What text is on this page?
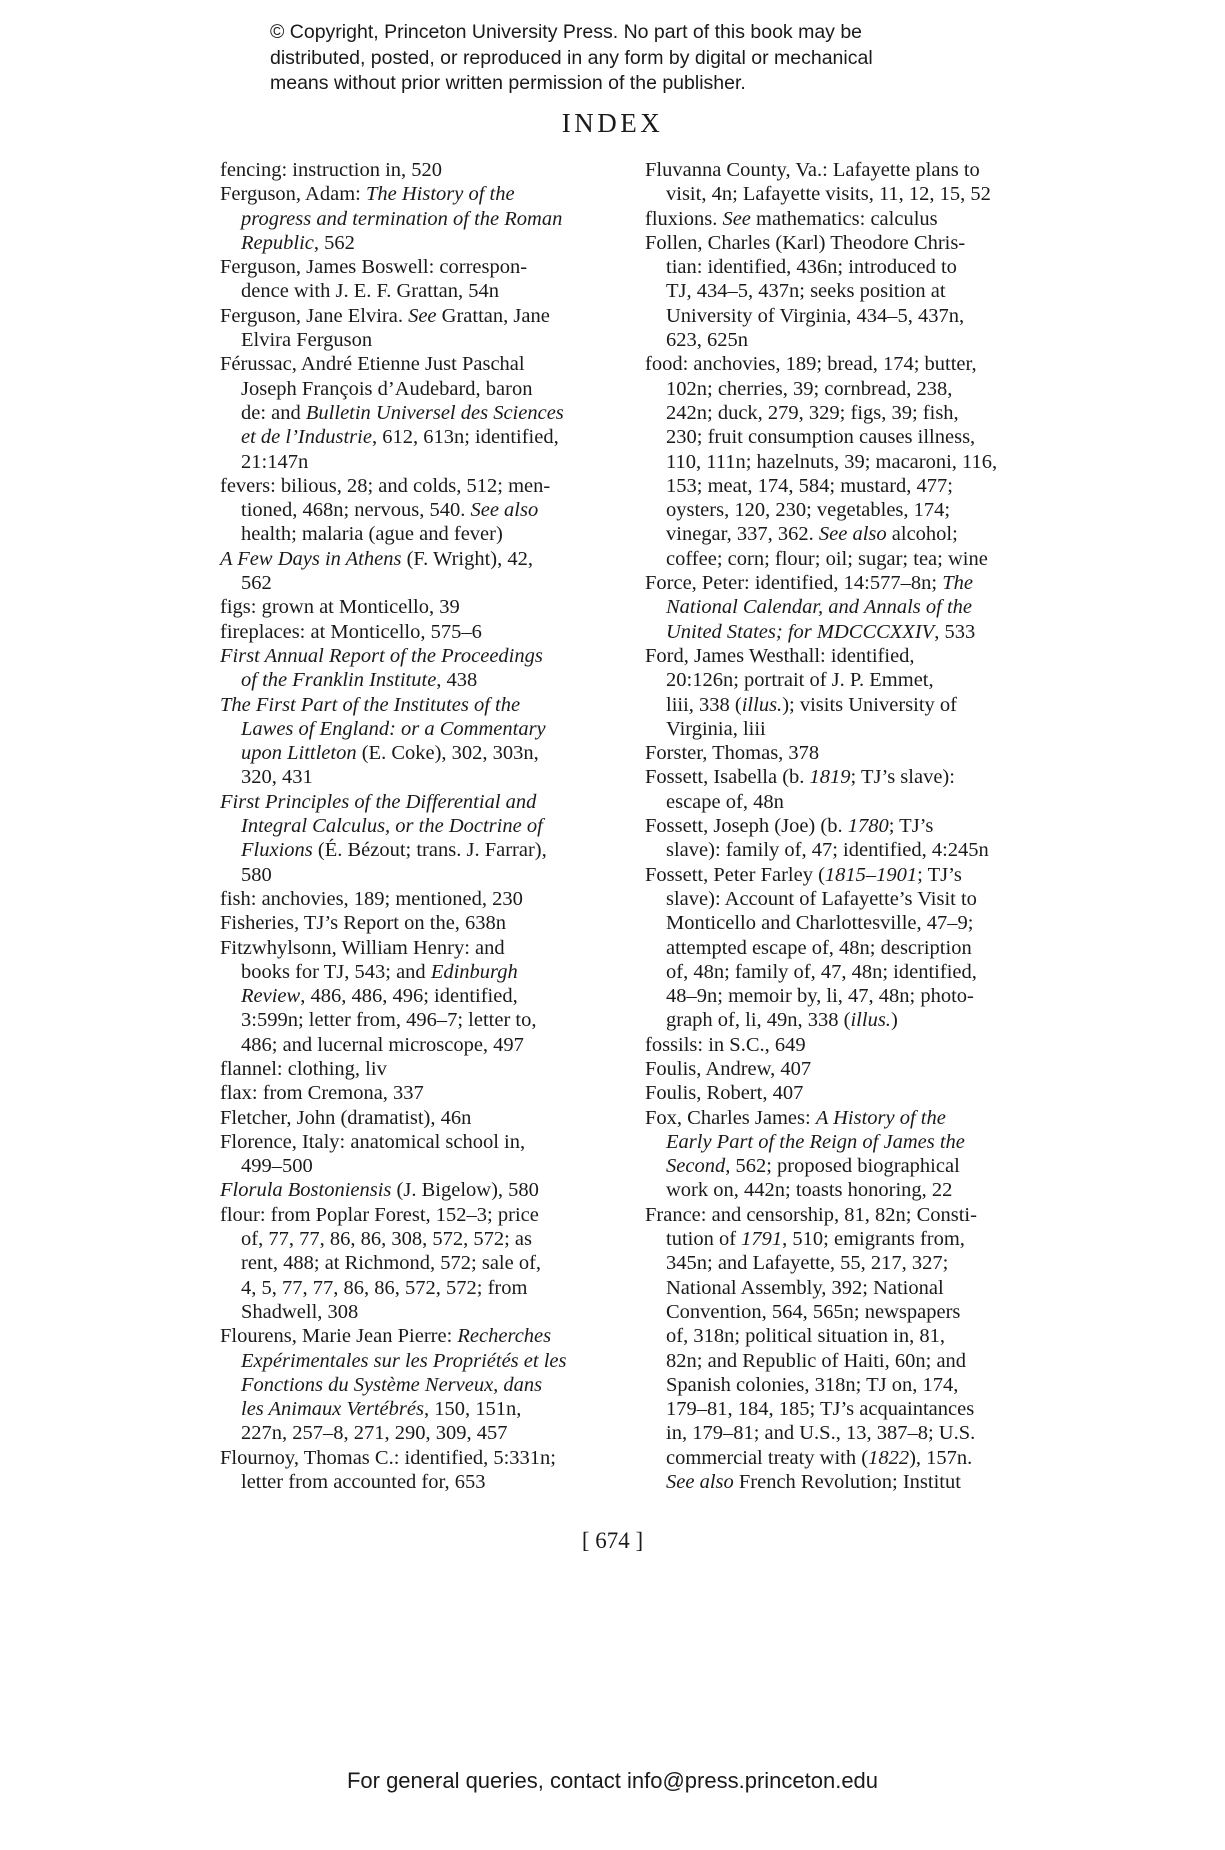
© Copyright, Princeton University Press. No part of this book may be
distributed, posted, or reproduced in any form by digital or mechanical
means without prior written permission of the publisher.
INDEX

fencing: instruction in, 520

Ferguson, Adam: The History of the
progress and termination of the Roman
Republic, 562

Ferguson, James Boswell: correspon-
dence with J. E. F. Grattan, 54n

Ferguson, Jane Elvira. See Grattan, Jane
Elvira Ferguson

Férussac, André Etienne Just Paschal
Joseph François d’Audebard, baron
de: and Bulletin Universel des Sciences
et de l’Industrie, 612, 613n; identified,
21:147n

fevers: bilious, 28; and colds, 512; men-
tioned, 468n; nervous, 540. See also
health; malaria (ague and fever)

A Few Days in Athens (F. Wright), 42,
562

figs: grown at Monticello, 39

fireplaces: at Monticello, 575–6

First Annual Report of the Proceedings
of the Franklin Institute, 438

The First Part of the Institutes of the
Lawes of England: or a Commentary
upon Littleton (E. Coke), 302, 303n,
320, 431

First Principles of the Differential and
Integral Calculus, or the Doctrine of
Fluxions (É. Bézout; trans. J. Farrar),
580

fish: anchovies, 189; mentioned, 230

Fisheries, TJ’s Report on the, 638n

Fitzwhylsonn, William Henry: and
books for TJ, 543; and Edinburgh
Review, 486, 486, 496; identified,
3:599n; letter from, 496–7; letter to,
486; and lucernal microscope, 497

flannel: clothing, liv

flax: from Cremona, 337

Fletcher, John (dramatist), 46n

Florence, Italy: anatomical school in,
499–500

Florula Bostoniensis (J. Bigelow), 580

flour: from Poplar Forest, 152–3; price
of, 77, 77, 86, 86, 308, 572, 572; as
rent, 488; at Richmond, 572; sale of,
4, 5, 77, 77, 86, 86, 572, 572; from
Shadwell, 308

Flourens, Marie Jean Pierre: Recherches
Expérimentales sur les Propriétés et les
Fonctions du Système Nerveux, dans
les Animaux Vertébrés, 150, 151n,
227n, 257–8, 271, 290, 309, 457

Flournoy, Thomas C.: identified, 5:331n;
letter from accounted for, 653

Fluvanna County, Va.: Lafayette plans to
visit, 4n; Lafayette visits, 11, 12, 15, 52

fluxions. See mathematics: calculus

Follen, Charles (Karl) Theodore Chris-
tian: identified, 436n; introduced to
TJ, 434–5, 437n; seeks position at
University of Virginia, 434–5, 437n,
623, 625n

food: anchovies, 189; bread, 174; butter,
102n; cherries, 39; cornbread, 238,
242n; duck, 279, 329; figs, 39; fish,
230; fruit consumption causes illness,
110, 111n; hazelnuts, 39; macaroni, 116,
153; meat, 174, 584; mustard, 477;
oysters, 120, 230; vegetables, 174;
vinegar, 337, 362. See also alcohol;
coffee; corn; flour; oil; sugar; tea; wine

Force, Peter: identified, 14:577–8n; The
National Calendar, and Annals of the
United States; for MDCCCXXIV, 533

Ford, James Westhall: identified,
20:126n; portrait of J. P. Emmet,
liii, 338 (illus.); visits University of
Virginia, liii

Forster, Thomas, 378

Fossett, Isabella (b. 1819; TJ’s slave):
escape of, 48n

Fossett, Joseph (Joe) (b. 1780; TJ’s
slave): family of, 47; identified, 4:245n

Fossett, Peter Farley (1815–1901; TJ’s
slave): Account of Lafayette’s Visit to
Monticello and Charlottesville, 47–9;
attempted escape of, 48n; description
of, 48n; family of, 47, 48n; identified,
48–9n; memoir by, li, 47, 48n; photo-
graph of, li, 49n, 338 (illus.)

fossils: in S.C., 649

Foulis, Andrew, 407

Foulis, Robert, 407

Fox, Charles James: A History of the
Early Part of the Reign of James the
Second, 562; proposed biographical
work on, 442n; toasts honoring, 22

France: and censorship, 81, 82n; Consti-
tution of 1791, 510; emigrants from,
345n; and Lafayette, 55, 217, 327;
National Assembly, 392; National
Convention, 564, 565n; newspapers
of, 318n; political situation in, 81,
82n; and Republic of Haiti, 60n; and
Spanish colonies, 318n; TJ on, 174,
179–81, 184, 185; TJ’s acquaintances
in, 179–81; and U.S., 13, 387–8; U.S.
commercial treaty with (1822), 157n.
See also French Revolution; Institut

[ 674 ]
For general queries, contact info@press.princeton.edu
